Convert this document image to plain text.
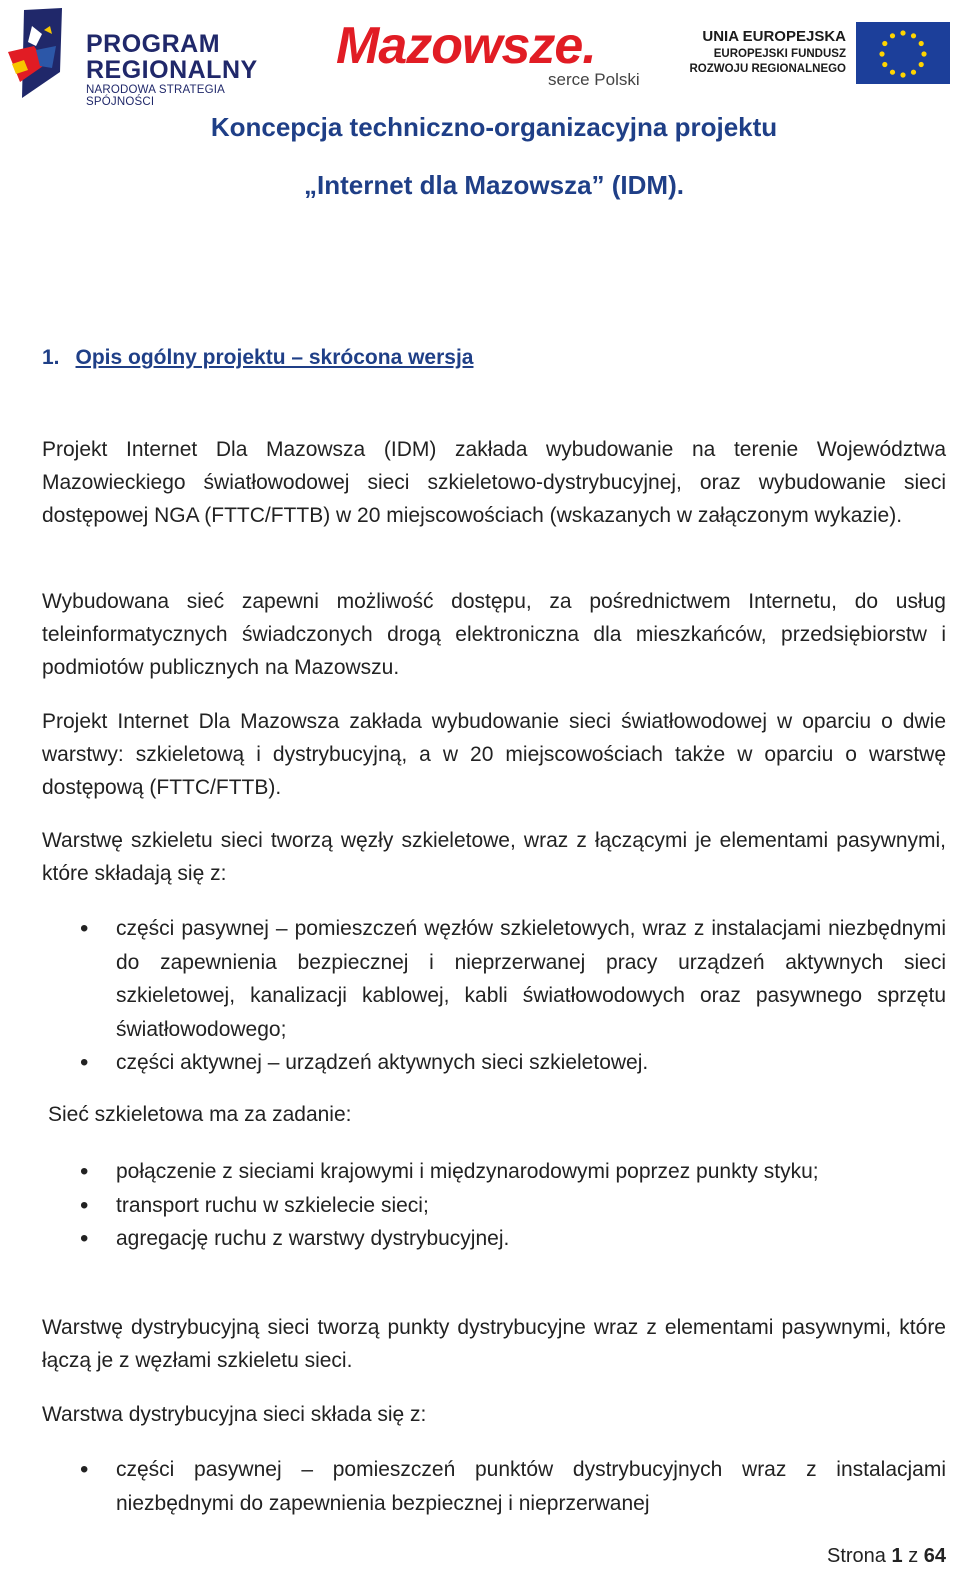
PROGRAM
REGIONALNY
NARODOWA STRATEGIA SPÓJNOŚCI
Mazowsze.
serce Polski
UNIA EUROPEJSKA
EUROPEJSKI FUNDUSZ
ROZWOJU REGIONALNEGO
Koncepcja techniczno-organizacyjna projektu
„Internet dla Mazowsza” (IDM).
1. Opis ogólny projektu – skrócona wersja
Projekt Internet Dla Mazowsza (IDM) zakłada wybudowanie na terenie Województwa Mazowieckiego światłowodowej sieci szkieletowo-dystrybucyjnej, oraz wybudowanie sieci dostępowej NGA (FTTC/FTTB) w 20 miejscowościach (wskazanych w załączonym wykazie).
Wybudowana sieć zapewni możliwość dostępu, za pośrednictwem Internetu, do usług teleinformatycznych świadczonych drogą elektroniczna dla mieszkańców, przedsiębiorstw i podmiotów publicznych na Mazowszu.
Projekt Internet Dla Mazowsza zakłada wybudowanie sieci światłowodowej w oparciu o dwie warstwy: szkieletową i dystrybucyjną, a w 20 miejscowościach także w oparciu o warstwę dostępową (FTTC/FTTB).
Warstwę szkieletu sieci tworzą węzły szkieletowe, wraz z łączącymi je elementami pasywnymi, które składają się z:
• części pasywnej – pomieszczeń węzłów szkieletowych, wraz z instalacjami niezbędnymi do zapewnienia bezpiecznej i nieprzerwanej pracy urządzeń aktywnych sieci szkieletowej, kanalizacji kablowej, kabli światłowodowych oraz pasywnego sprzętu światłowodowego;
• części aktywnej – urządzeń aktywnych sieci szkieletowej.
Sieć szkieletowa ma za zadanie:
• połączenie z sieciami krajowymi i międzynarodowymi poprzez punkty styku;
• transport ruchu w szkielecie sieci;
• agregację ruchu z warstwy dystrybucyjnej.
Warstwę dystrybucyjną sieci tworzą punkty dystrybucyjne wraz z elementami pasywnymi, które łączą je z węzłami szkieletu sieci.
Warstwa dystrybucyjna sieci składa się z:
• części pasywnej – pomieszczeń punktów dystrybucyjnych wraz z instalacjami niezbędnymi do zapewnienia bezpiecznej i nieprzerwanej
Strona 1 z 64
